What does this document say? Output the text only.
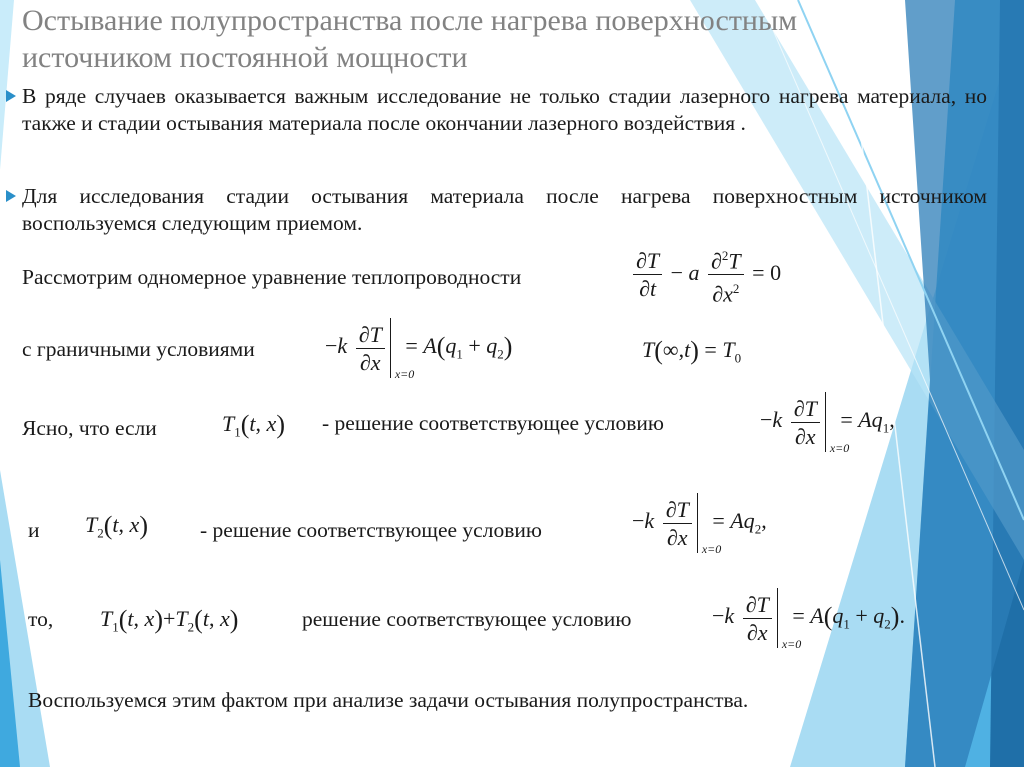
Остывание полупространства после нагрева поверхностным источником постоянной мощности
В ряде случаев оказывается важным исследование не только стадии лазерного нагрева материала, но также и стадии остывания материала после окончании лазерного воздействия .
Для исследования стадии остывания материала после нагрева поверхностным источником воспользуемся следующим приемом.
Рассмотрим одномерное уравнение теплопроводности	$\frac{\partial T}{\partial t} - a \frac{\partial^2T}{\partial x^2} = 0$
с граничными условиями	$-k \frac{\partial T}{\partial x} x=0$
= $A(q_1 + q_2)$	$T(\infty,t) = T_0$
Ясно, что если	$T_1(t$, x) - решение соответствующее условию	$-k \frac{\partial T}{\partial x} x=0$
= $Aq_1$,
и $T_2(t$, x) - решение соответствующее условию	$-k \frac{\partial T}{\partial x} x=0$
= $Aq_2$,
то, $T_1(t$, $x)+T_2(t$, x)	решение соответствующее условию	$-k \frac{\partial T}{\partial x} x=0$
= $A(q_1 + q_2)$.
Воспользуемся этим фактом при анализе задачи остывания полупространства.
